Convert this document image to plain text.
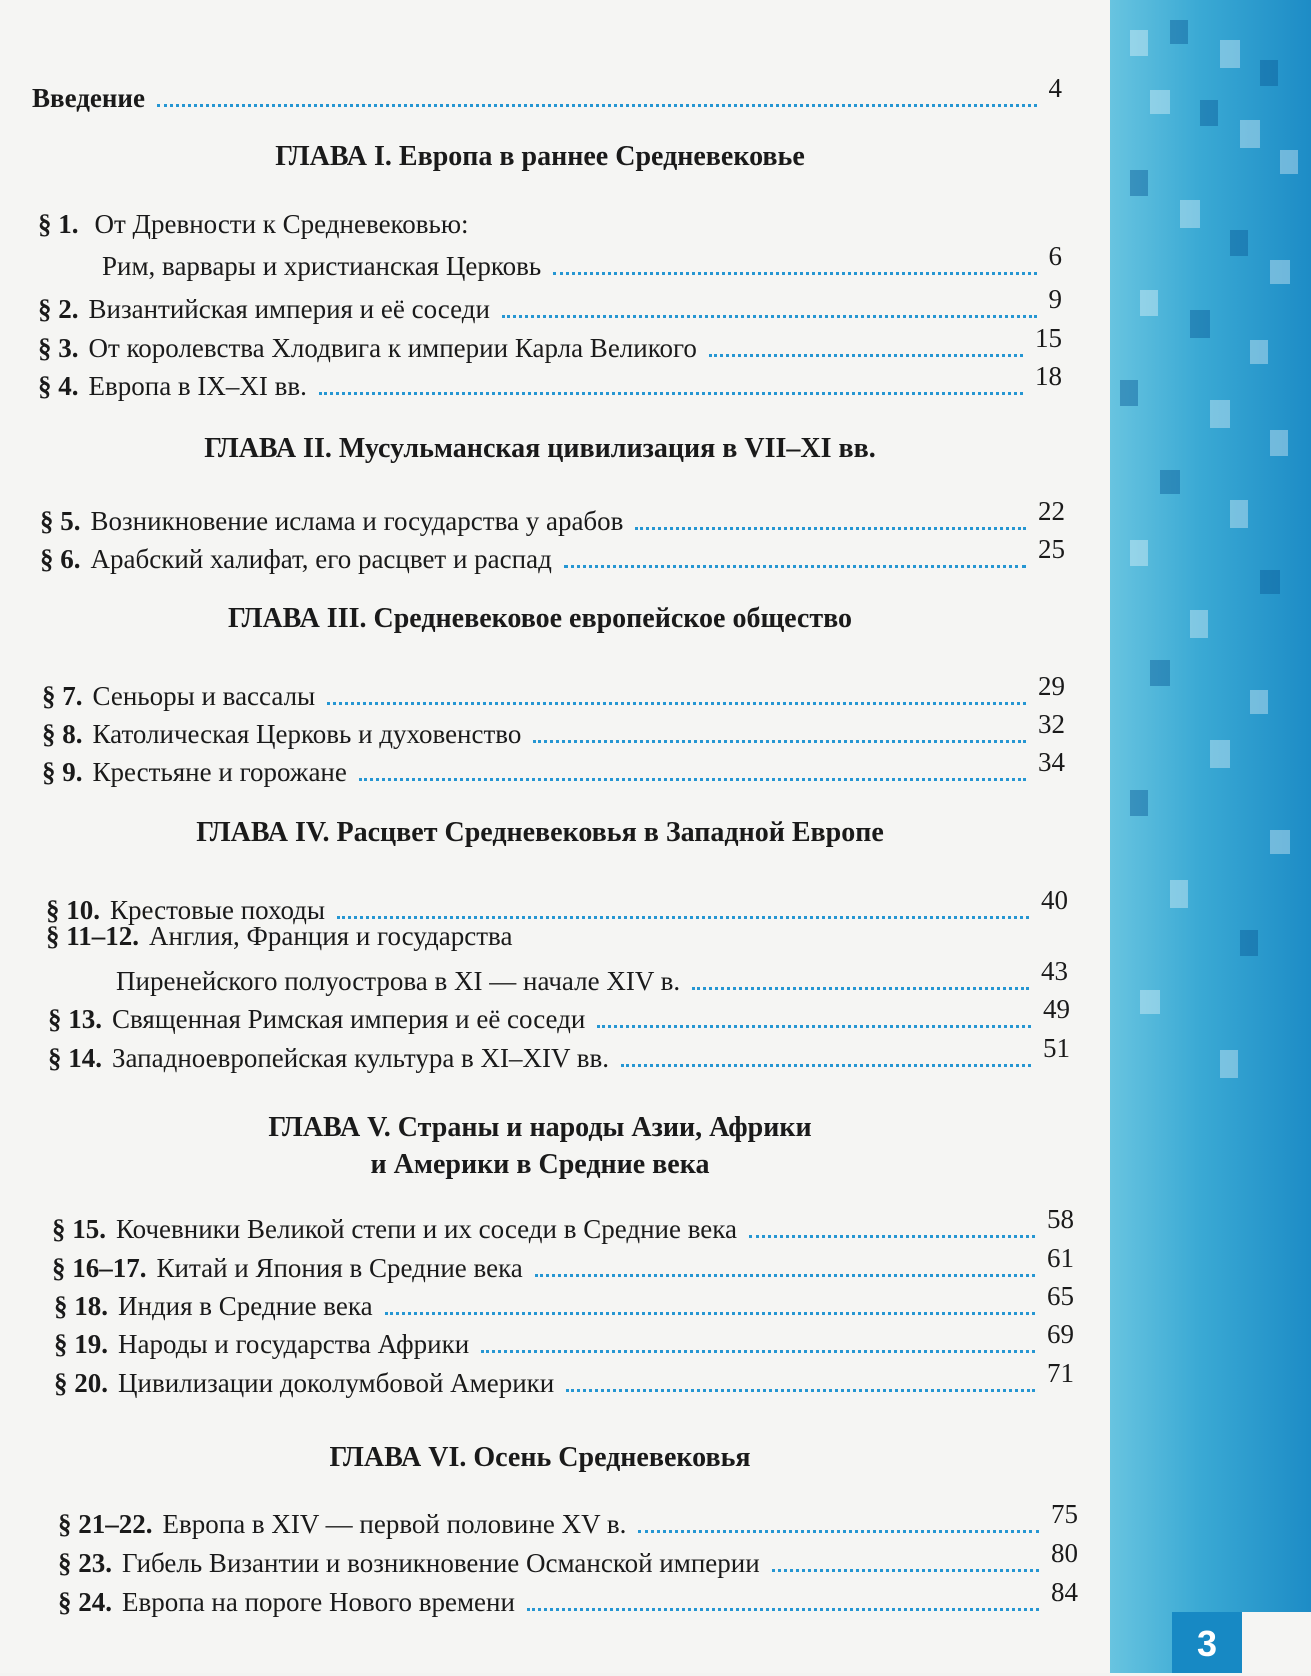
Введение	4
ГЛАВА I. Европа в раннее Средневековье
§ 1. От Древности к Средневековью:
Рим, варвары и христианская Церковь	6
§ 2. Византийская империя и её соседи	9
§ 3. От королевства Хлодвига к империи Карла Великого	15
§ 4. Европа в IX–XI вв.	18
ГЛАВА II. Мусульманская цивилизация в VII–XI вв.
§ 5. Возникновение ислама и государства у арабов	22
§ 6. Арабский халифат, его расцвет и распад	25
ГЛАВА III. Средневековое европейское общество
§ 7. Сеньоры и вассалы	29
§ 8. Католическая Церковь и духовенство	32
§ 9. Крестьяне и горожане	34
ГЛАВА IV. Расцвет Средневековья в Западной Европе
§ 10. Крестовые походы	40
§ 11–12. Англия, Франция и государства
Пиренейского полуострова в XI — начале XIV в.	43
§ 13. Священная Римская империя и её соседи	49
§ 14. Западноевропейская культура в XI–XIV вв.	51
ГЛАВА V. Страны и народы Азии, Африки
и Америки в Средние века
§ 15. Кочевники Великой степи и их соседи в Средние века	58
§ 16–17. Китай и Япония в Средние века	61
§ 18. Индия в Средние века	65
§ 19. Народы и государства Африки	69
§ 20. Цивилизации доколумбовой Америки	71
ГЛАВА VI. Осень Средневековья
§ 21–22. Европа в XIV — первой половине XV в.	75
§ 23. Гибель Византии и возникновение Османской империи	80
§ 24. Европа на пороге Нового времени	84
3
